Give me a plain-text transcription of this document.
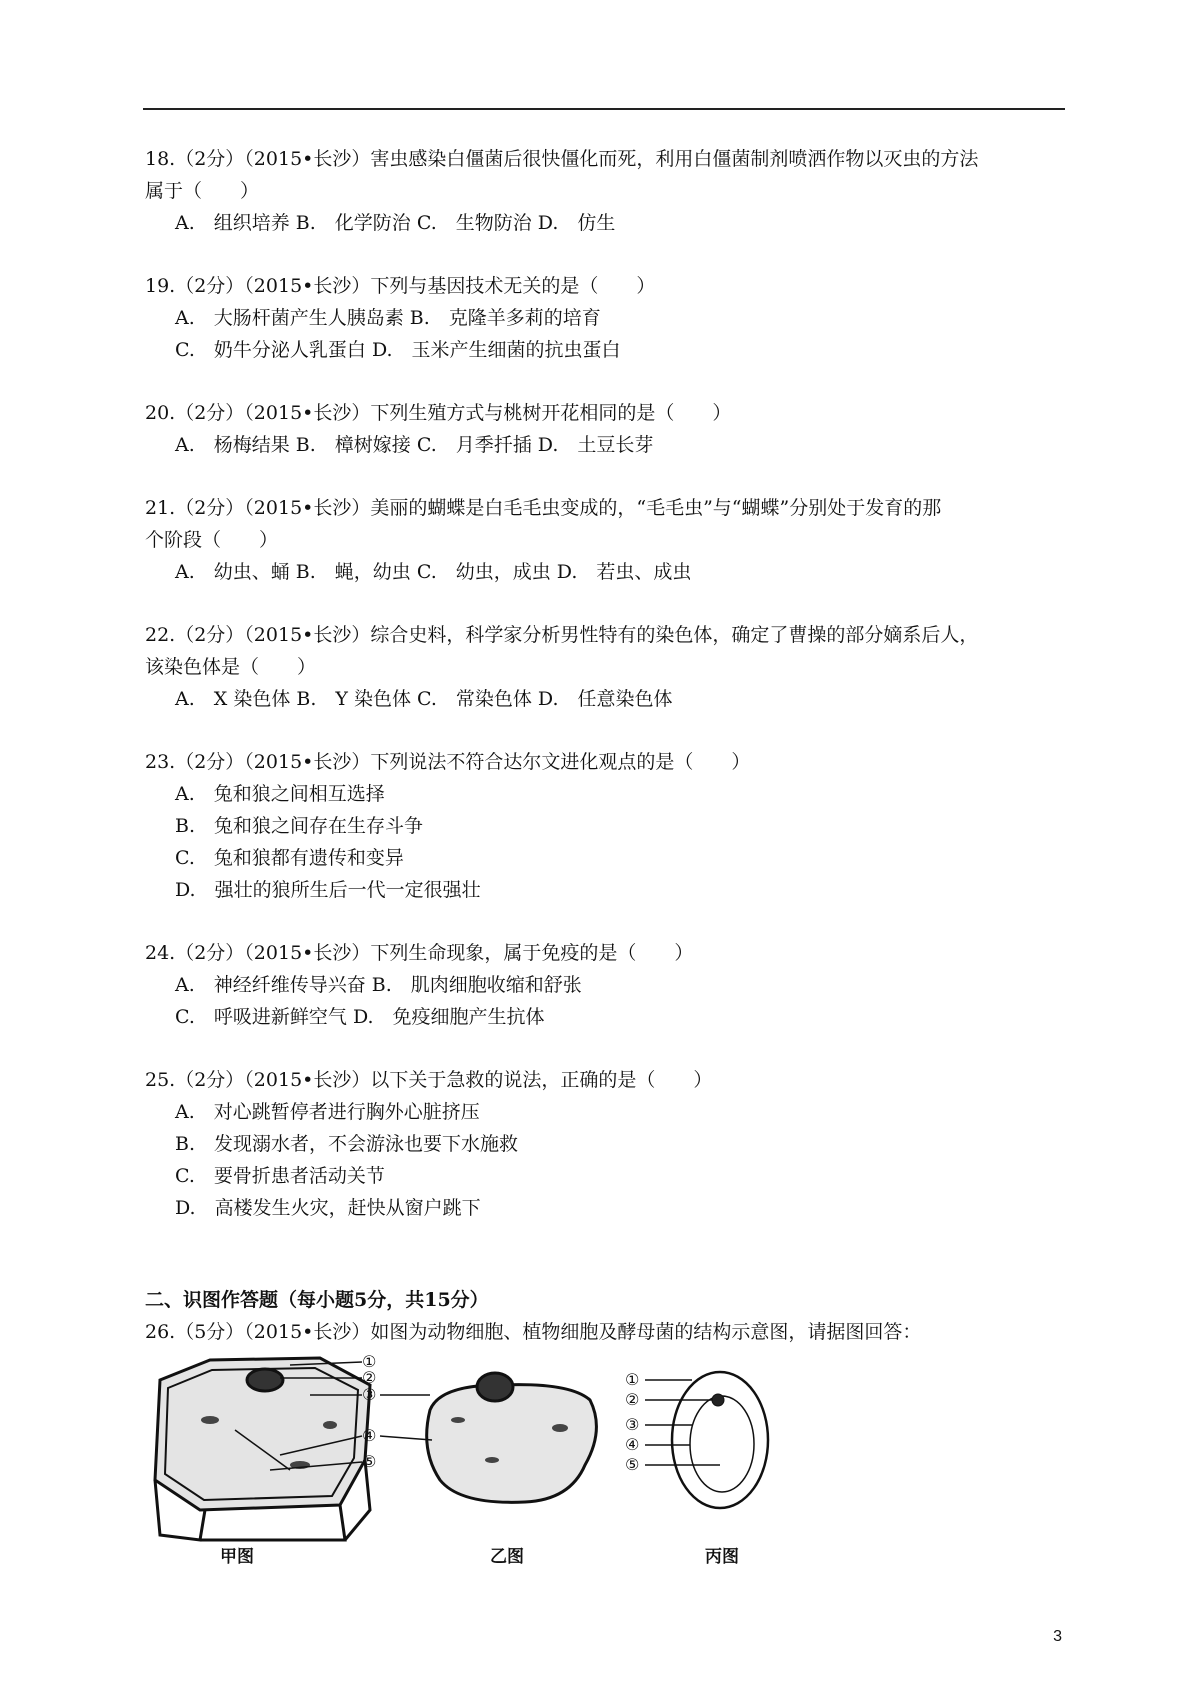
18.（2分）（2015•长沙）害虫感染白僵菌后很快僵化而死，利用白僵菌制剂喷洒作物以灭虫的方法
属于（　　）
A.　组织培养 B.　化学防治 C.　生物防治 D.　仿生
19.（2分）（2015•长沙）下列与基因技术无关的是（　　）
A.　大肠杆菌产生人胰岛素 B.　克隆羊多莉的培育
C.　奶牛分泌人乳蛋白 D.　玉米产生细菌的抗虫蛋白
20.（2分）（2015•长沙）下列生殖方式与桃树开花相同的是（　　）
A.　杨梅结果 B.　樟树嫁接 C.　月季扦插 D.　土豆长芽
21.（2分）（2015•长沙）美丽的蝴蝶是白毛毛虫变成的，“毛毛虫”与“蝴蝶”分别处于发育的那
个阶段（　　）
A.　幼虫、蛹 B.　蝇，幼虫 C.　幼虫，成虫 D.　若虫、成虫
22.（2分）（2015•长沙）综合史料，科学家分析男性特有的染色体，确定了曹操的部分嫡系后人，
该染色体是（　　）
A.　X 染色体 B.　Y 染色体 C.　常染色体 D.　任意染色体
23.（2分）（2015•长沙）下列说法不符合达尔文进化观点的是（　　）
A.　兔和狼之间相互选择
B.　兔和狼之间存在生存斗争
C.　兔和狼都有遗传和变异
D.　强壮的狼所生后一代一定很强壮
24.（2分）（2015•长沙）下列生命现象，属于免疫的是（　　）
A.　神经纤维传导兴奋 B.　肌肉细胞收缩和舒张
C.　呼吸进新鲜空气 D.　免疫细胞产生抗体
25.（2分）（2015•长沙）以下关于急救的说法，正确的是（　　）
A.　对心跳暂停者进行胸外心脏挤压
B.　发现溺水者，不会游泳也要下水施救
C.　要骨折患者活动关节
D.　高楼发生火灾，赶快从窗户跳下
二、识图作答题（每小题5分，共15分）
26.（5分）（2015•长沙）如图为动物细胞、植物细胞及酵母菌的结构示意图，请据图回答：
①
②
③
④
⑤
①
②
③
④
⑤
甲图	乙图	丙图
3
